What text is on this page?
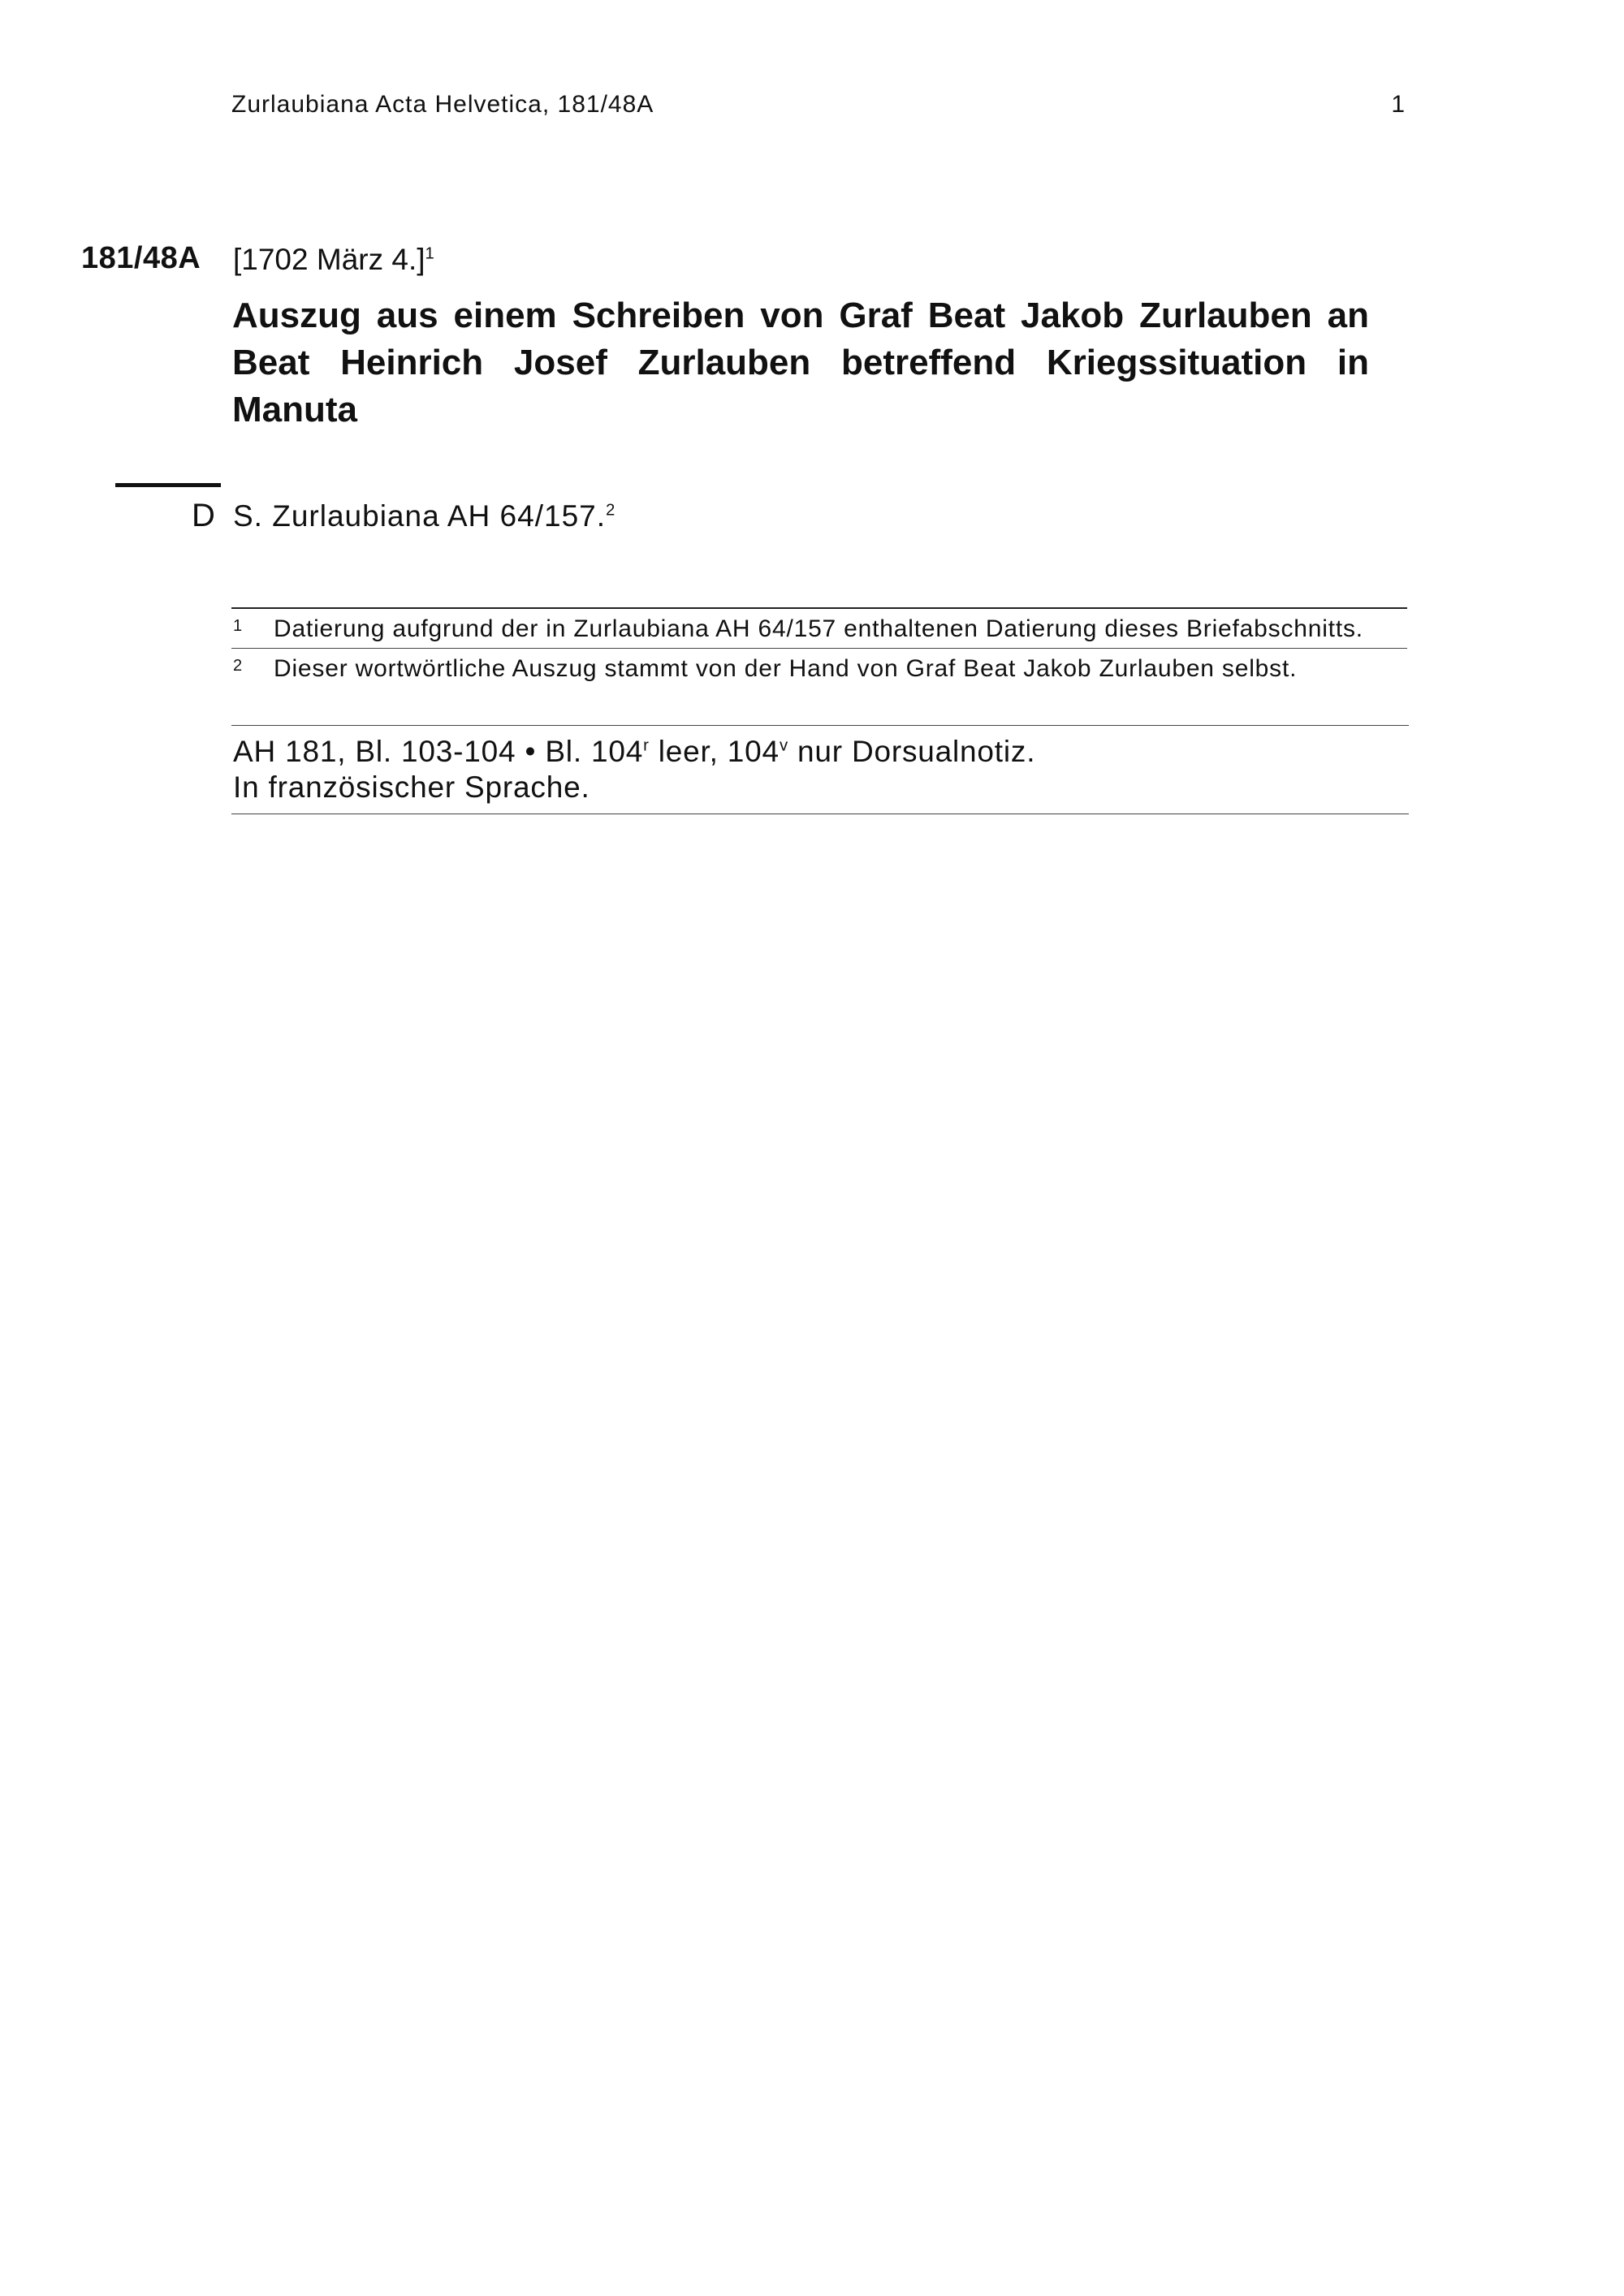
Zurlaubiana Acta Helvetica, 181/48A	1
181/48A [1702 März 4.]$^1$
Auszug aus einem Schreiben von Graf Beat Jakob Zurlauben an Beat Heinrich Josef Zurlauben betreffend Kriegssituation in Manuta
D S. Zurlaubiana AH 64/157.$^2$
1 Datierung aufgrund der in Zurlaubiana AH 64/157 enthaltenen Datierung dieses Briefabschnitts.
2 Dieser wortwörtliche Auszug stammt von der Hand von Graf Beat Jakob Zurlauben selbst.
AH 181, Bl. 103-104 • Bl. 104$^r$ leer, 104$^v$ nur Dorsualnotiz.
In französischer Sprache.
